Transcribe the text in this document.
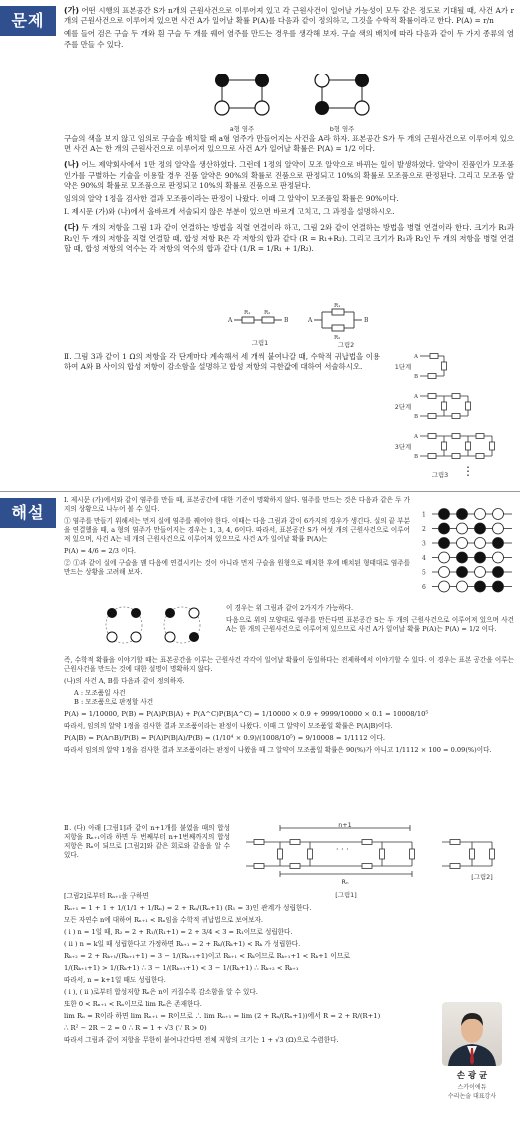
문제

(가) 어떤 시행의 표본공간 S가 n개의 근원사건으로 이루어져 있고 각 근원사건이 일어날 가능성이 모두 같은 정도로 기대될 때, 사건 A가 r개의 근원사건으로 이루어져 있으면 사건 A가 일어날 확률 P(A)를 다음과 같이 정의하고, 그것을 수학적 확률이라고 한다. P(A) = r/n

예를 들어 검은 구슬 두 개와 흰 구슬 두 개를 꿰어 염주를 만드는 경우를 생각해 보자. 구슬 색의 배치에 따라 다음과 같이 두 가지 종류의 염주를 만들 수 있다.

a형 염주	b형 염주

구슬의 색을 보지 않고 임의로 구슬을 배치할 때 a형 염주가 만들어지는 사건을 A라 하자. 표본공간 S가 두 개의 근원사건으로 이루어져 있으면 사건 A는 한 개의 근원사건으로 이루어져 있으므로 사건 A가 일어날 확률은 P(A) = 1/2 이다.

(나) 어느 제약회사에서 1만 정의 알약을 생산하였다. 그런데 1정의 알약이 모조 알약으로 바뀌는 일이 발생하였다. 알약이 진품인가 모조품인가를 구별하는 기술을 이용할 경우 진품 알약은 90%의 확률로 진품으로 판정되고 10%의 확률로 모조품으로 판정된다. 그리고 모조품 알약은 90%의 확률로 모조품으로 판정되고 10%의 확률로 진품으로 판정된다.

임의의 알약 1정을 검사한 결과 모조품이라는 판정이 나왔다. 이때 그 알약이 모조품일 확률은 90%이다.

Ⅰ. 제시문 (가)와 (나)에서 올바르게 서술되지 않은 부분이 있으면 바르게 고치고, 그 과정을 설명하시오.

(다) 두 개의 저항을 그림 1과 같이 연결하는 방법을 직렬 연결이라 하고, 그림 2와 같이 연결하는 방법을 병렬 연결이라 한다. 크기가 R₁과 R₂인 두 개의 저항을 직렬 연결할 때, 합성 저항 R은 각 저항의 합과 같다 (R = R₁+R₂). 그리고 크기가 R₁과 R₂인 두 개의 저항을 병렬 연결할 때, 합성 저항의 역수는 각 저항의 역수의 합과 같다 (1/R = 1/R₁ + 1/R₂).

A	B
R₁ R₂
A	B
R₁
R₂
그림1	그림2

Ⅱ. 그림 3과 같이 1 Ω의 저항을 각 단계마다 계속해서 세 개씩 붙여나갈 때, 수학적 귀납법을 이용하여 A와 B 사이의 합성 저항이 감소함을 설명하고 합성 저항의 극한값에 대하여 서술하시오.

A
B
A
B
A
B
1단계
2단계
3단계
그림3	⋮
해설

Ⅰ. 제시문 (가)에서와 같이 염주를 만들 때, 표본공간에 대한 기준이 명확하지 않다. 염주를 만드는 것은 다음과 같은 두 가지의 상황으로 나누어 볼 수 있다.

① 염주를 만들기 위해서는 먼저 실에 염주를 꿰어야 한다. 이때는 다음 그림과 같이 6가지의 경우가 생긴다. 실의 끝 부분을 연결했을 때, a 형의 염주가 만들어지는 경우는 1, 3, 4, 6이다. 따라서, 표본공간 S가 여섯 개의 근원사건으로 이루어져 있으며, 사건 A는 네 개의 근원사건으로 이루어져 있으므로 사건 A가 일어날 확률 P(A)는

P(A) = 4/6 = 2/3 이다.

② ①과 같이 실에 구슬을 꿴 다음에 연결시키는 것이 아니라 먼저 구슬을 원형으로 배치한 후에 배치된 형태대로 염주를 만드는 상황을 고려해 보자.

1
2
3
4
5
6

이 경우는 위 그림과 같이 2가지가 가능하다.

다음으로 위의 모양대로 염주를 만든다면 표본공간 S는 두 개의 근원사건으로 이루어져 있으며 사건 A는 한 개의 근원사건으로 이루어져 있으므로 사건 A가 일어날 확률 P(A)는 P(A) = 1/2 이다.

즉, 수학적 확률을 이야기할 때는 표본공간을 이루는 근원사건 각각이 일어날 확률이 동일하다는 전제하에서 이야기할 수 있다. 이 경우는 표본 공간을 이루는 근원사건을 만드는 것에 대한 설명이 명확하지 않다.

(나)의 사건 A, B를 다음과 같이 정의하자.

A : 모조품일 사건

B : 모조품으로 판정할 사건

P(A) = 1/10000, P(B) = P(A)P(B|A) + P(A^C)P(B|A^C) = 1/10000 × 0.9 + 9999/10000 × 0.1 = 10008/10⁵

따라서, 임의의 알약 1정을 검사한 결과 모조품이라는 판정이 나왔다. 이때 그 알약이 모조품일 확률은 P(A|B)이다.

P(A|B) = P(A∩B)/P(B) = P(A)P(B|A)/P(B) = (1/10⁴ × 0.9)/(1008/10⁵) = 9/10008 = 1/1112 이다.

따라서 임의의 알약 1정을 검사한 결과 모조품이라는 판정이 나왔을 때 그 알약이 모조품일 확률은 90(%)가 아니고 1/1112 × 100 = 0.09(%)이다.

Ⅱ. (다) 아래 [그림1]과 같이 n+1개를 붙였을 때의 합성저항을 Rₙ₊₁이라 하면 두 번째부터 n+1번째까지의 합성저항은 Rₙ이 되므로 [그림2]와 같은 회로와 같음을 알 수 있다.

· · ·
n+1
Rₙ
[그림1]
[그림2]

[그림2]로부터 Rₙ₊₁을 구하면

Rₙ₊₁ = 1 + 1 + 1/(1/1 + 1/Rₙ) = 2 + Rₙ/(Rₙ+1) (R₁ = 3)인 관계가 성립한다.

모든 자연수 n에 대하여 Rₙ₊₁ < Rₙ임을 수학적 귀납법으로 보여보자.

( i ) n = 1일 때, R₂ = 2 + R₁/(R₁+1) = 2 + 3/4 < 3 = R₁이므로 성립한다.

( ii ) n = k일 때 성립한다고 가정하면 Rₖ₊₁ = 2 + Rₖ/(Rₖ+1) < Rₖ 가 성립한다.

Rₖ₊₂ = 2 + Rₖ₊₁/(Rₖ₊₁+1) = 3 − 1/(Rₖ₊₁+1)이고 Rₖ₊₁ < Rₖ이므로 Rₖ₊₁+1 < Rₖ+1 이므로

1/(Rₖ₊₁+1) > 1/(Rₖ+1) ∴ 3 − 1/(Rₖ₊₁+1) < 3 − 1/(Rₖ+1) ∴ Rₖ₊₂ < Rₖ₊₁

따라서, n = k+1일 때도 성립한다.

( i ), ( ii )로부터 합성저항 Rₙ은 n이 커질수록 감소함을 알 수 있다.

또한 0 < Rₙ₊₁ < Rₙ이므로 lim Rₙ은 존재한다.

lim Rₙ = R이라 하면 lim Rₙ₊₁ = R이므로 ∴ lim Rₙ₊₁ = lim (2 + Rₙ/(Rₙ+1))에서 R = 2 + R/(R+1)

∴ R² − 2R − 2 = 0 ∴ R = 1 + √3 (∵ R > 0)

따라서 그림과 같이 저항을 무한히 붙여나간다면 전체 저항의 크기는 1 + √3 (Ω)으로 수렴한다.

손 광 균
스카이에듀
수리논술 대표강사
